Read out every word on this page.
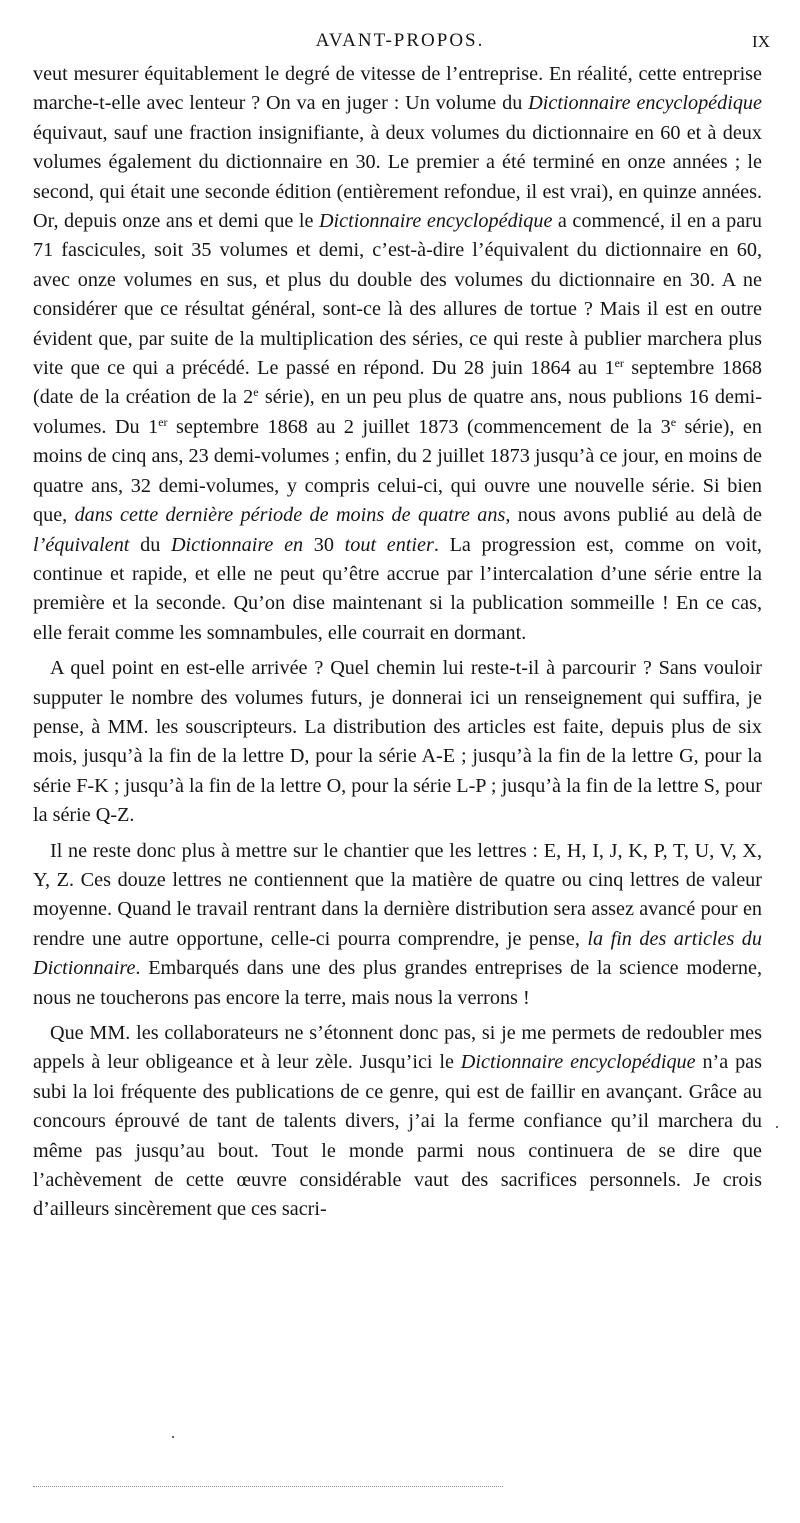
AVANT-PROPOS.	IX

veut mesurer équitablement le degré de vitesse de l’entreprise. En réalité, cette entreprise marche-t-elle avec lenteur ? On va en juger : Un volume du Dictionnaire encyclopédique équivaut, sauf une fraction insignifiante, à deux volumes du dictionnaire en 60 et à deux volumes également du dictionnaire en 30. Le premier a été terminé en onze années ; le second, qui était une seconde édition (entièrement refondue, il est vrai), en quinze années. Or, depuis onze ans et demi que le Dictionnaire encyclopédique a commencé, il en a paru 71 fascicules, soit 35 volumes et demi, c’est-à-dire l’équivalent du dictionnaire en 60, avec onze volumes en sus, et plus du double des volumes du dictionnaire en 30. A ne considérer que ce résultat général, sont-ce là des allures de tortue ? Mais il est en outre évident que, par suite de la multiplication des séries, ce qui reste à publier marchera plus vite que ce qui a précédé. Le passé en répond. Du 28 juin 1864 au 1er septembre 1868 (date de la création de la 2e série), en un peu plus de quatre ans, nous publions 16 demi-volumes. Du 1er septembre 1868 au 2 juillet 1873 (commencement de la 3e série), en moins de cinq ans, 23 demi-volumes ; enfin, du 2 juillet 1873 jusqu’à ce jour, en moins de quatre ans, 32 demi-volumes, y compris celui-ci, qui ouvre une nouvelle série. Si bien que, dans cette dernière période de moins de quatre ans, nous avons publié au delà de l’équivalent du Dictionnaire en 30 tout entier. La progression est, comme on voit, continue et rapide, et elle ne peut qu’être accrue par l’intercalation d’une série entre la première et la seconde. Qu’on dise maintenant si la publication sommeille ! En ce cas, elle ferait comme les somnambules, elle courrait en dormant.

A quel point en est-elle arrivée ? Quel chemin lui reste-t-il à parcourir ? Sans vouloir supputer le nombre des volumes futurs, je donnerai ici un renseignement qui suffira, je pense, à MM. les souscripteurs. La distribution des articles est faite, depuis plus de six mois, jusqu’à la fin de la lettre D, pour la série A-E ; jusqu’à la fin de la lettre G, pour la série F-K ; jusqu’à la fin de la lettre O, pour la série L-P ; jusqu’à la fin de la lettre S, pour la série Q-Z.

Il ne reste donc plus à mettre sur le chantier que les lettres : E, H, I, J, K, P, T, U, V, X, Y, Z. Ces douze lettres ne contiennent que la matière de quatre ou cinq lettres de valeur moyenne. Quand le travail rentrant dans la dernière distribution sera assez avancé pour en rendre une autre opportune, celle-ci pourra comprendre, je pense, la fin des articles du Dictionnaire. Embarqués dans une des plus grandes entreprises de la science moderne, nous ne toucherons pas encore la terre, mais nous la verrons !

Que MM. les collaborateurs ne s’étonnent donc pas, si je me permets de redoubler mes appels à leur obligeance et à leur zèle. Jusqu’ici le Dictionnaire encyclopédique n’a pas subi la loi fréquente des publications de ce genre, qui est de faillir en avançant. Grâce au concours éprouvé de tant de talents divers, j’ai la ferme confiance qu’il marchera du même pas jusqu’au bout. Tout le monde parmi nous continuera de se dire que l’achèvement de cette œuvre considérable vaut des sacrifices personnels. Je crois d’ailleurs sincèrement que ces sacri-
